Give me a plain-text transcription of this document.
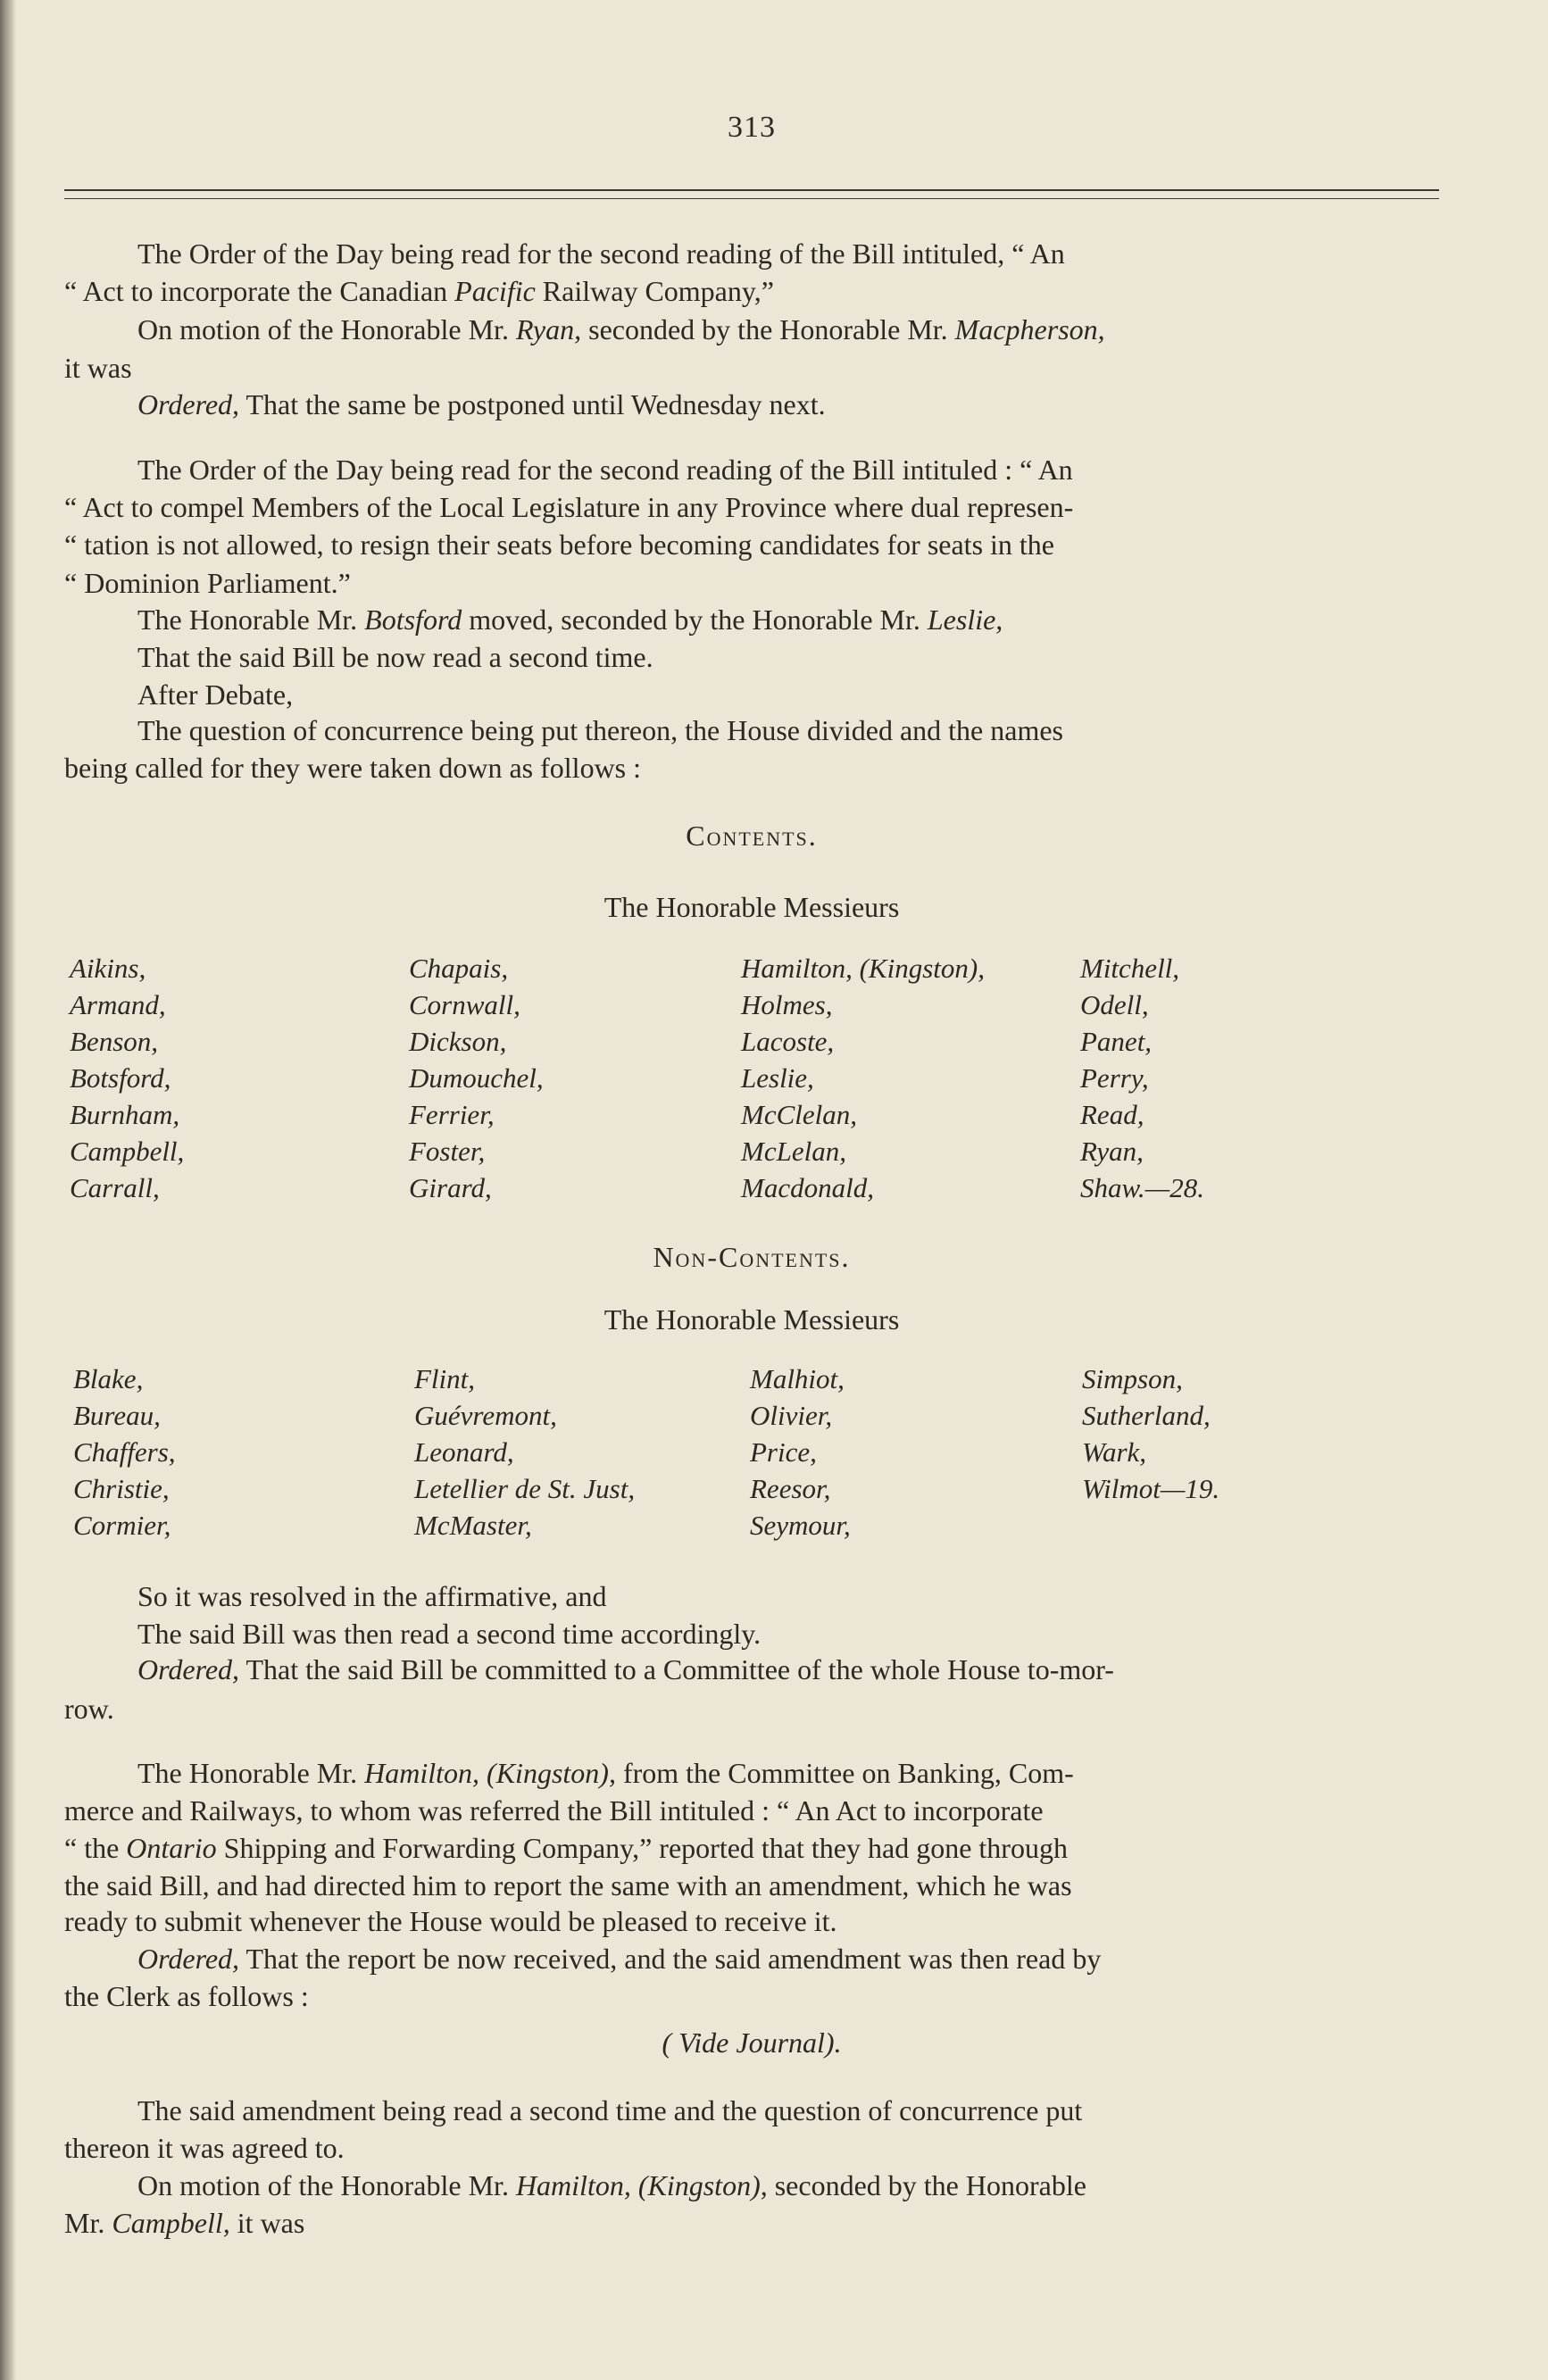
313
The Order of the Day being read for the second reading of the Bill intituled, “ An
“ Act to incorporate the Canadian Pacific Railway Company,”
On motion of the Honorable Mr. Ryan, seconded by the Honorable Mr. Macpherson,
it was
Ordered, That the same be postponed until Wednesday next.
The Order of the Day being read for the second reading of the Bill intituled : “ An
“ Act to compel Members of the Local Legislature in any Province where dual represen-
“ tation is not allowed, to resign their seats before becoming candidates for seats in the
“ Dominion Parliament.”
The Honorable Mr. Botsford moved, seconded by the Honorable Mr. Leslie,
That the said Bill be now read a second time.
After Debate,
The question of concurrence being put thereon, the House divided and the names
being called for they were taken down as follows :
Contents.
The Honorable Messieurs
Aikins,
Armand,
Benson,
Botsford,
Burnham,
Campbell,
Carrall,
Chapais,
Cornwall,
Dickson,
Dumouchel,
Ferrier,
Foster,
Girard,
Hamilton, (Kingston),
Holmes,
Lacoste,
Leslie,
McClelan,
McLelan,
Macdonald,
Mitchell,
Odell,
Panet,
Perry,
Read,
Ryan,
Shaw.—28.
Non-Contents.
The Honorable Messieurs
Blake,
Bureau,
Chaffers,
Christie,
Cormier,
Flint,
Guévremont,
Leonard,
Letellier de St. Just,
McMaster,
Malhiot,
Olivier,
Price,
Reesor,
Seymour,
Simpson,
Sutherland,
Wark,
Wilmot—19.
So it was resolved in the affirmative, and
The said Bill was then read a second time accordingly.
Ordered, That the said Bill be committed to a Committee of the whole House to-mor-
row.
The Honorable Mr. Hamilton, (Kingston), from the Committee on Banking, Com-
merce and Railways, to whom was referred the Bill intituled : “ An Act to incorporate
“ the Ontario Shipping and Forwarding Company,” reported that they had gone through
the said Bill, and had directed him to report the same with an amendment, which he was
ready to submit whenever the House would be pleased to receive it.
Ordered, That the report be now received, and the said amendment was then read by
the Clerk as follows :
( Vide Journal).
The said amendment being read a second time and the question of concurrence put
thereon it was agreed to.
On motion of the Honorable Mr. Hamilton, (Kingston), seconded by the Honorable
Mr. Campbell, it was
